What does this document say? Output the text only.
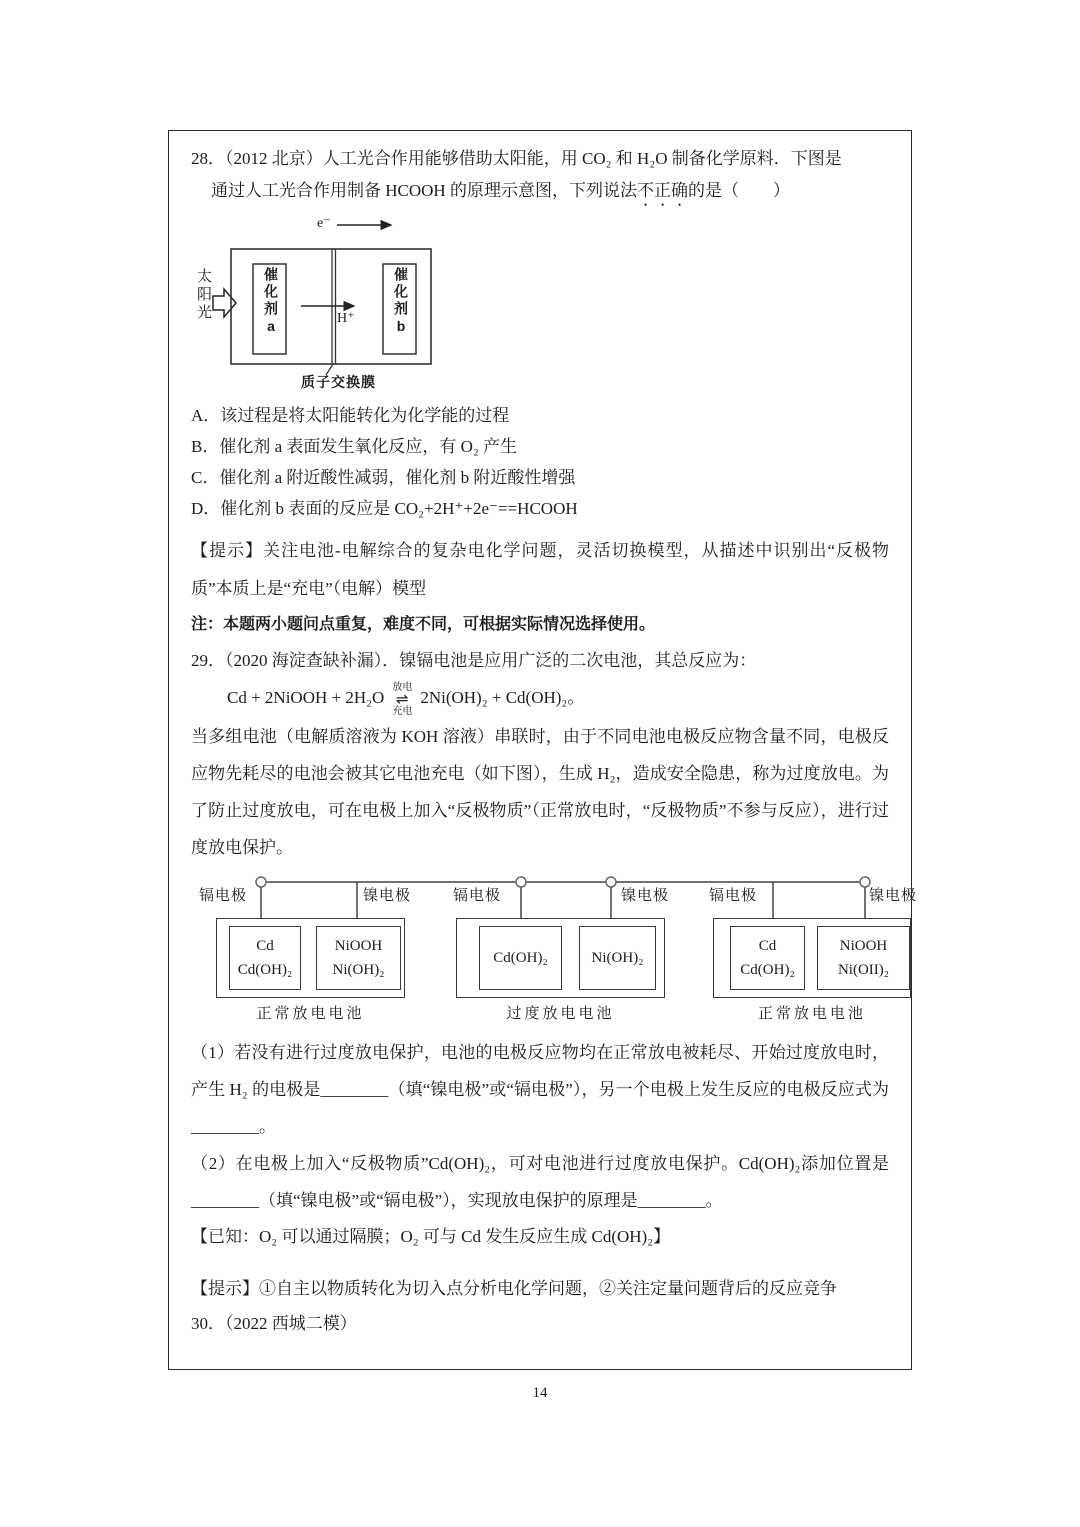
28．（2012 北京）人工光合作用能够借助太阳能，用 CO₂ 和 H₂O 制备化学原料．下图是
通过人工光合作用制备 HCOOH 的原理示意图，下列说法不正确的是（　　）
e⁻
太阳光	催化剂a	催化剂b
H⁺
质子交换膜
A．该过程是将太阳能转化为化学能的过程
B．催化剂 a 表面发生氧化反应，有 O₂ 产生
C．催化剂 a 附近酸性减弱，催化剂 b 附近酸性增强
D．催化剂 b 表面的反应是 CO₂+2H⁺+2e⁻==HCOOH
【提示】关注电池-电解综合的复杂电化学问题，灵活切换模型，从描述中识别出“反极物质”本质上是“充电”（电解）模型
注：本题两小题问点重复，难度不同，可根据实际情况选择使用。
29．（2020 海淀查缺补漏）．镍镉电池是应用广泛的二次电池，其总反应为：
Cd + 2NiOOH + 2H₂O
放电
⇌
充电
2Ni(OH)₂ + Cd(OH)₂。
当多组电池（电解质溶液为 KOH 溶液）串联时，由于不同电池电极反应物含量不同，电极反应物先耗尽的电池会被其它电池充电（如下图），生成 H₂，造成安全隐患，称为过度放电。为了防止过度放电，可在电极上加入“反极物质”（正常放电时，“反极物质”不参与反应），进行过度放电保护。
镉电极	镍电极	镉电极	镍电极	镉电极	镍电极
Cd
Cd(OH)₂
NiOOH
Ni(OH)₂
Cd(OH)₂	Ni(OH)₂
Cd
Cd(OH)₂
NiOOH
Ni(OII)₂
正常放电电池	过度放电电池	正常放电电池
（1）若没有进行过度放电保护，电池的电极反应物均在正常放电被耗尽、开始过度放电时，产生 H₂ 的电极是________（填“镍电极”或“镉电极”），另一个电极上发生反应的电极反应式为________。
（2）在电极上加入“反极物质”Cd(OH)₂，可对电池进行过度放电保护。Cd(OH)₂添加位置是________（填“镍电极”或“镉电极”），实现放电保护的原理是________。
【已知：O₂ 可以通过隔膜；O₂ 可与 Cd 发生反应生成 Cd(OH)₂】
【提示】①自主以物质转化为切入点分析电化学问题，②关注定量问题背后的反应竞争
30．（2022 西城二模）
14
